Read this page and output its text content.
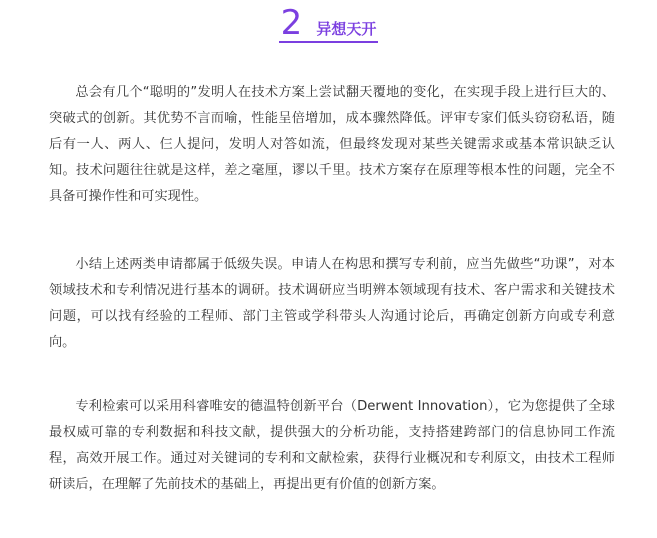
2 异想天开

总会有几个“聪明的”发明人在技术方案上尝试翻天覆地的变化，在实现手段上进行巨大的、突破式的创新。其优势不言而喻，性能呈倍增加，成本骤然降低。评审专家们低头窃窃私语，随后有一人、两人、仨人提问，发明人对答如流，但最终发现对某些关键需求或基本常识缺乏认知。技术问题往往就是这样，差之毫厘，谬以千里。技术方案存在原理等根本性的问题，完全不具备可操作性和可实现性。

小结上述两类申请都属于低级失误。申请人在构思和撰写专利前，应当先做些“功课”，对本领域技术和专利情况进行基本的调研。技术调研应当明辨本领域现有技术、客户需求和关键技术问题，可以找有经验的工程师、部门主管或学科带头人沟通讨论后，再确定创新方向或专利意向。

专利检索可以采用科睿唯安的德温特创新平台（Derwent Innovation），它为您提供了全球最权威可靠的专利数据和科技文献，提供强大的分析功能，支持搭建跨部门的信息协同工作流程，高效开展工作。通过对关键词的专利和文献检索，获得行业概况和专利原文，由技术工程师研读后，在理解了先前技术的基础上，再提出更有价值的创新方案。
